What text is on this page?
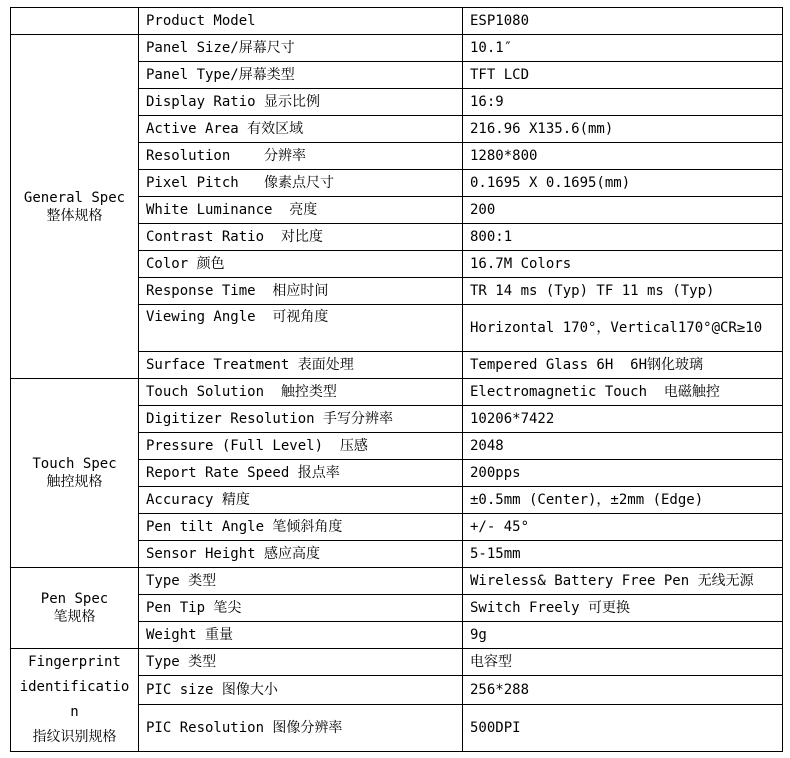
	Product Model	ESP1080

General Spec
整体规格	Panel Size/屏幕尺寸	10.1″
	Panel Type/屏幕类型	TFT LCD
	Display Ratio 显示比例	16:9
	Active Area 有效区域	216.96 X135.6(mm)
	Resolution    分辨率	1280*800
	Pixel Pitch   像素点尺寸	0.1695 X 0.1695(mm)
	White Luminance  亮度	200
	Contrast Ratio  对比度	800:1
	Color 颜色	16.7M Colors
	Response Time  相应时间	TR 14 ms (Typ) TF 11 ms (Typ)
	Viewing Angle  可视角度	Horizontal 170°，Vertical170°@CR≥10
	Surface Treatment 表面处理	Tempered Glass 6H  6H钢化玻璃

Touch Spec
触控规格	Touch Solution  触控类型	Electromagnetic Touch  电磁触控
	Digitizer Resolution 手写分辨率	10206*7422
	Pressure (Full Level)  压感	2048
	Report Rate Speed 报点率	200pps
	Accuracy 精度	±0.5mm (Center)，±2mm (Edge)
	Pen tilt Angle 笔倾斜角度	+/- 45°
	Sensor Height 感应高度	5-15mm

Pen Spec
笔规格	Type 类型	Wireless& Battery Free Pen 无线无源
	Pen Tip 笔尖	Switch Freely 可更换
	Weight 重量	9g

Fingerprint
identificatio
n
指纹识别规格	Type 类型	电容型
	PIC size 图像大小	256*288
	PIC Resolution 图像分辨率	500DPI
